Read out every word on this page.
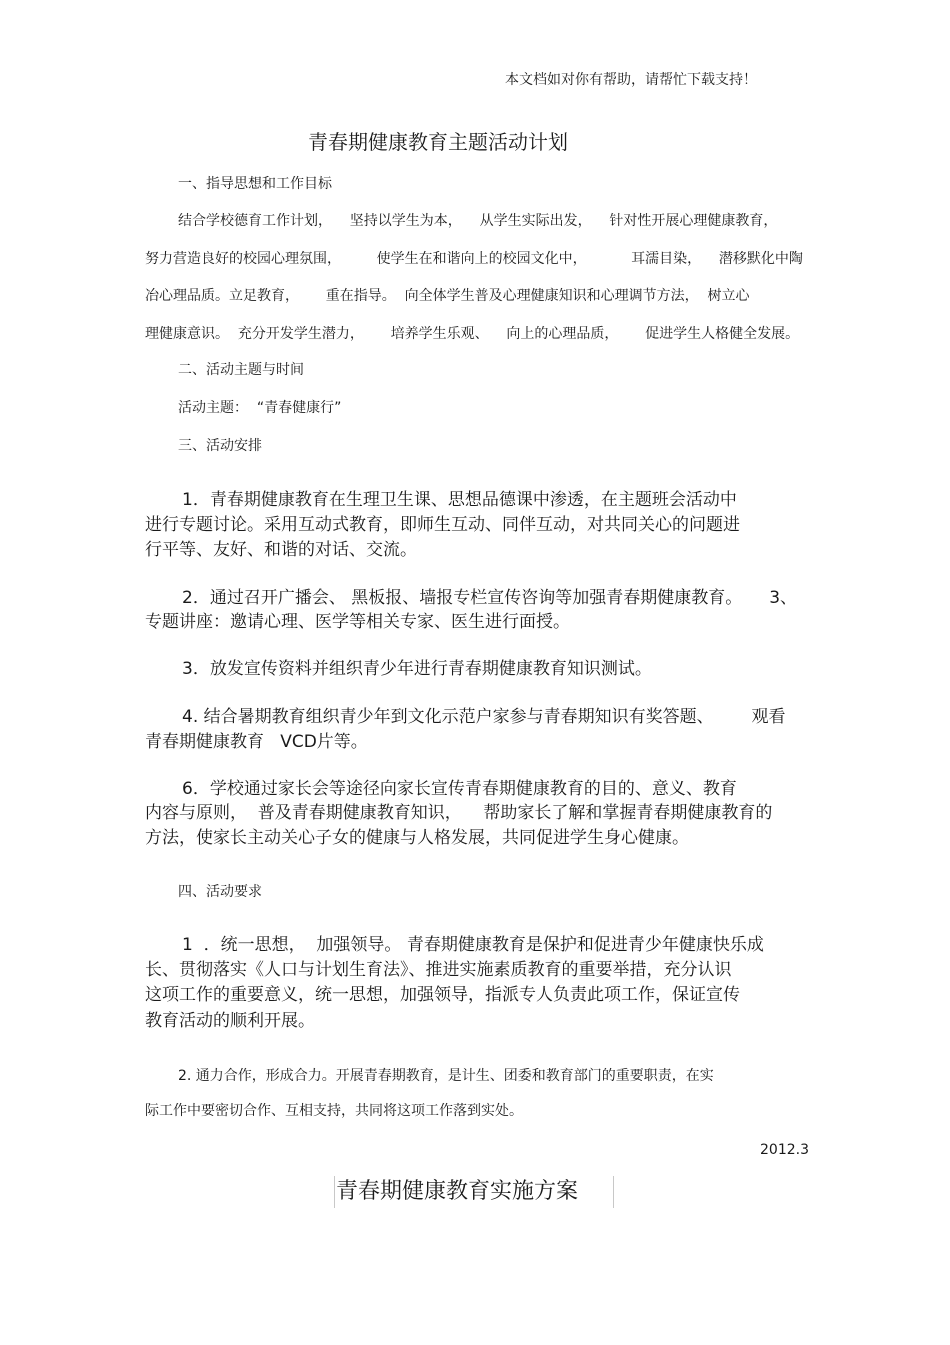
本文档如对你有帮助，请帮忙下载支持！
青春期健康教育主题活动计划
一、指导思想和工作目标
结合学校德育工作计划，    坚持以学生为本，    从学生实际出发，    针对性开展心理健康教育，
努力营造良好的校园心理氛围，        使学生在和谐向上的校园文化中，          耳濡目染，    潜移默化中陶
冶心理品质。立足教育，      重在指导。  向全体学生普及心理健康知识和心理调节方法，  树立心
理健康意识。  充分开发学生潜力，      培养学生乐观、    向上的心理品质，      促进学生人格健全发展。
二、活动主题与时间
活动主题：  “青春健康行”
三、活动安排
1．青春期健康教育在生理卫生课、思想品德课中渗透，在主题班会活动中
进行专题讨论。采用互动式教育，即师生互动、同伴互动，对共同关心的问题进
行平等、友好、和谐的对话、交流。
2．通过召开广播会、 黑板报、墙报专栏宣传咨询等加强青春期健康教育。     3、
专题讲座：邀请心理、医学等相关专家、医生进行面授。
3．放发宣传资料并组织青少年进行青春期健康教育知识测试。
4. 结合暑期教育组织青少年到文化示范户家参与青春期知识有奖答题、       观看
青春期健康教育   VCD片等。
6．学校通过家长会等途径向家长宣传青春期健康教育的目的、意义、教育
内容与原则，  普及青春期健康教育知识，    帮助家长了解和掌握青春期健康教育的
方法，使家长主动关心子女的健康与人格发展，共同促进学生身心健康。
四、活动要求
1  ．统一思想，  加强领导。 青春期健康教育是保护和促进青少年健康快乐成
长、贯彻落实《人口与计划生育法》、推进实施素质教育的重要举措，充分认识
这项工作的重要意义，统一思想，加强领导，指派专人负责此项工作，保证宣传
教育活动的顺利开展。
2. 通力合作，形成合力。开展青春期教育，是计生、团委和教育部门的重要职责，在实
际工作中要密切合作、互相支持，共同将这项工作落到实处。
2012.3
青春期健康教育实施方案
